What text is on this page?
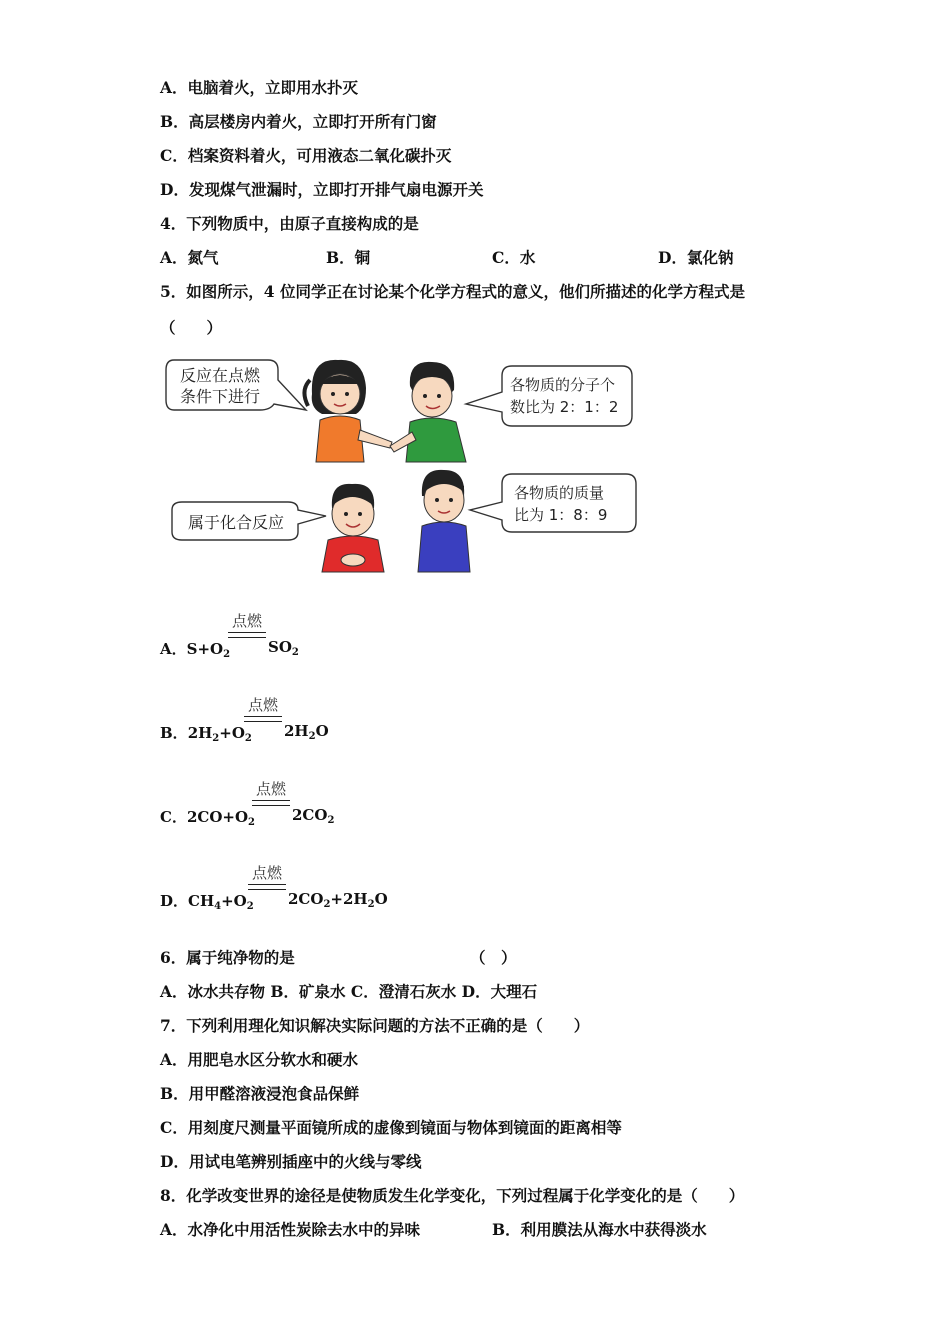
A．电脑着火，立即用水扑灭
B．高层楼房内着火，立即打开所有门窗
C．档案资料着火，可用液态二氧化碳扑灭
D．发现煤气泄漏时，立即打开排气扇电源开关
4．下列物质中，由原子直接构成的是
A．氮气	B．铜	C．水	D．氯化钠
5．如图所示，4 位同学正在讨论某个化学方程式的意义，他们所描述的化学方程式是
（　　）
反应在点燃
条件下进行
各物质的分子个
数比为 2：1：2
属于化合反应
各物质的质量
比为 1：8：9
A．$S+O_2$
点燃
$SO_2$
B．$2H_2+O_2$
点燃
$2H_2O$
C．$2CO+O_2$
点燃
$2CO_2$
D．$CH_4+O_2$
点燃
$2CO_2+2H_2O$
6．属于纯净物的是	（　）
A．冰水共存物 B．矿泉水 C．澄清石灰水 D．大理石
7．下列利用理化知识解决实际问题的方法不正确的是（　　）
A．用肥皂水区分软水和硬水
B．用甲醛溶液浸泡食品保鲜
C．用刻度尺测量平面镜所成的虚像到镜面与物体到镜面的距离相等
D．用试电笔辨别插座中的火线与零线
8．化学改变世界的途径是使物质发生化学变化，下列过程属于化学变化的是（　　）
A．水净化中用活性炭除去水中的异味	B．利用膜法从海水中获得淡水
